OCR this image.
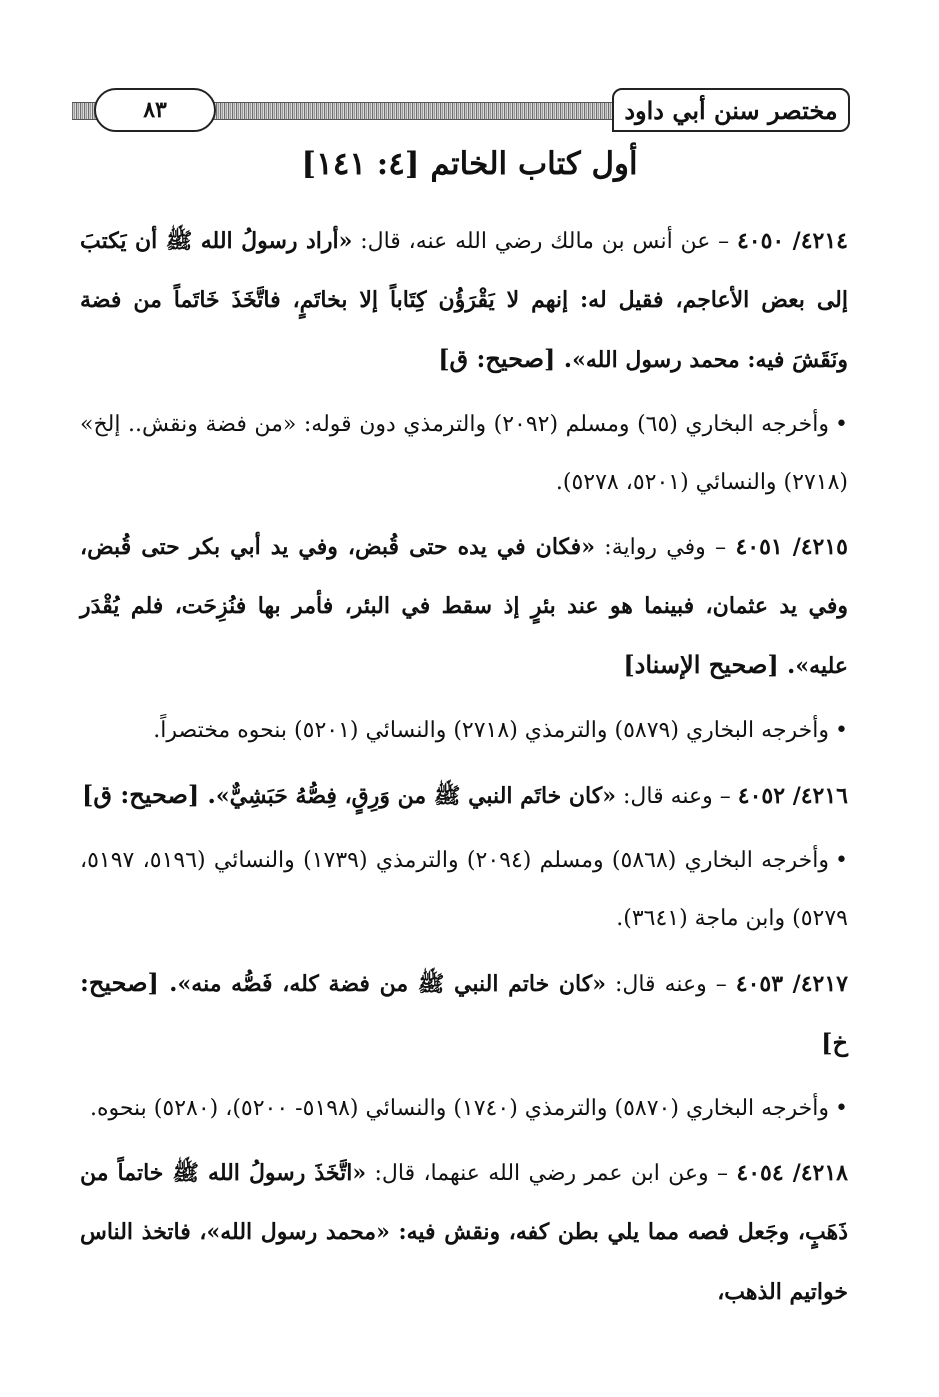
٨٣	مختصر سنن أبي داود
أول كتاب الخاتم [٤: ١٤١]

٤٢١٤/ ٤٠٥٠ – عن أنس بن مالك رضي الله عنه، قال: «أراد رسولُ الله ﷺ أن يَكتبَ إلى بعض الأعاجم، فقيل له: إنهم لا يَقْرَؤُن كِتَاباً إلا بخاتَمٍ، فاتَّخَذَ خَاتَماً من فضة ونَقَشَ فيه: محمد رسول الله». [صحيح: ق]

•وأخرجه البخاري (٦٥) ومسلم (٢٠٩٢) والترمذي دون قوله: «من فضة ونقش.. إلخ» (٢٧١٨) والنسائي (٥٢٠١، ٥٢٧٨).

٤٢١٥/ ٤٠٥١ – وفي رواية: «فكان في يده حتى قُبض، وفي يد أبي بكر حتى قُبض، وفي يد عثمان، فبينما هو عند بئرٍ إذ سقط في البئر، فأمر بها فنُزِحَت، فلم يُقْدَر عليه». [صحيح الإسناد]

•وأخرجه البخاري (٥٨٧٩) والترمذي (٢٧١٨) والنسائي (٥٢٠١) بنحوه مختصراً.

٤٢١٦/ ٤٠٥٢ – وعنه قال: «كان خاتَم النبي ﷺ من وَرِقٍ، فِصُّهُ حَبَشِيٌّ». [صحيح: ق]

•وأخرجه البخاري (٥٨٦٨) ومسلم (٢٠٩٤) والترمذي (١٧٣٩) والنسائي (٥١٩٦، ٥١٩٧، ٥٢٧٩) وابن ماجة (٣٦٤١).

٤٢١٧/ ٤٠٥٣ – وعنه قال: «كان خاتم النبي ﷺ من فضة كله، فَصُّه منه». [صحيح: خ]

•وأخرجه البخاري (٥٨٧٠) والترمذي (١٧٤٠) والنسائي (٥١٩٨- ٥٢٠٠)، (٥٢٨٠) بنحوه.

٤٢١٨/ ٤٠٥٤ – وعن ابن عمر رضي الله عنهما، قال: «اتَّخَذَ رسولُ الله ﷺ خاتماً من ذَهَبٍ، وجَعل فصه مما يلي بطن كفه، ونقش فيه: «محمد رسول الله»، فاتخذ الناس خواتيم الذهب،
